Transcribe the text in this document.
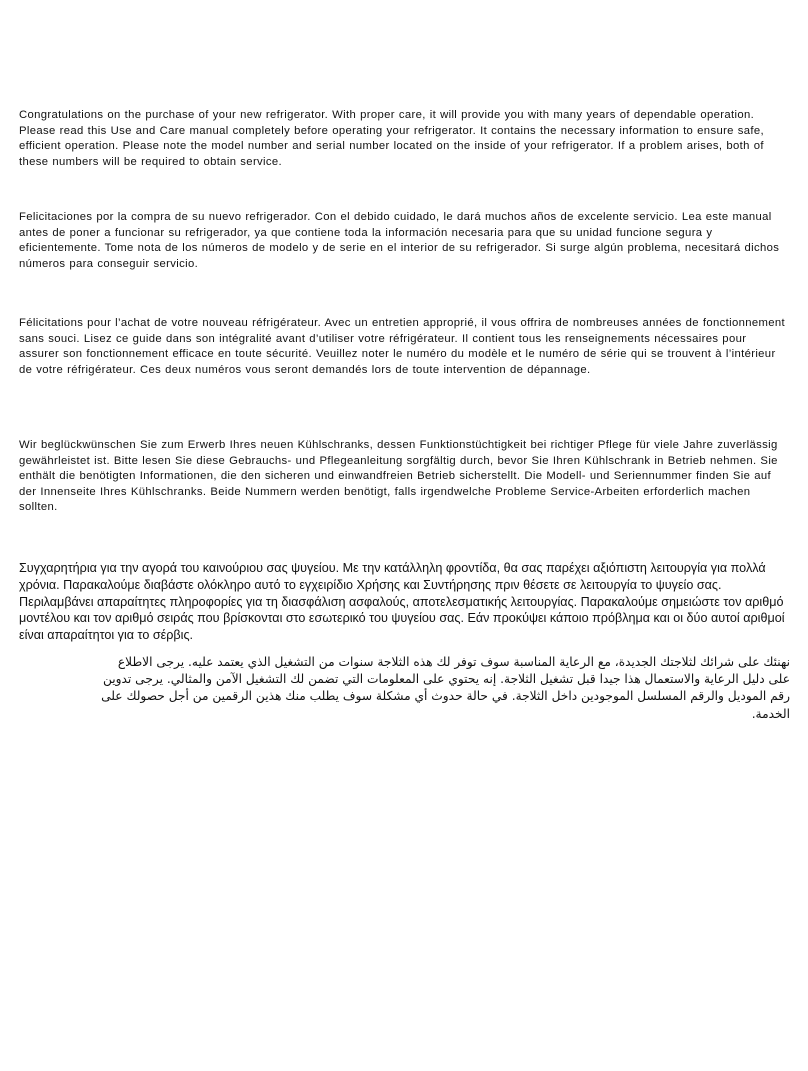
Congratulations on the purchase of your new refrigerator. With proper care, it will provide you with many years of dependable operation. Please read this Use and Care manual completely before operating your refrigerator. It contains the necessary information to ensure safe, efficient operation. Please note the model number and serial number located on the inside of your refrigerator. If a problem arises, both of these numbers will be required to obtain service.

Felicitaciones por la compra de su nuevo refrigerador. Con el debido cuidado, le dará muchos años de excelente servicio. Lea este manual antes de poner a funcionar su refrigerador, ya que contiene toda la información necesaria para que su unidad funcione segura y eficientemente. Tome nota de los números de modelo y de serie en el interior de su refrigerador. Si surge algún problema, necesitará dichos números para conseguir servicio.

Félicitations pour l’achat de votre nouveau réfrigérateur. Avec un entretien approprié, il vous offrira de nombreuses années de fonctionnement sans souci. Lisez ce guide dans son intégralité avant d’utiliser votre réfrigérateur. Il contient tous les renseignements nécessaires pour assurer son fonctionnement efficace en toute sécurité. Veuillez noter le numéro du modèle et le numéro de série qui se trouvent à l’intérieur de votre réfrigérateur. Ces deux numéros vous seront demandés lors de toute intervention de dépannage.

Wir beglückwünschen Sie zum Erwerb Ihres neuen Kühlschranks, dessen Funktionstüchtigkeit bei richtiger Pflege für viele Jahre zuverlässig gewährleistet ist. Bitte lesen Sie diese Gebrauchs- und Pflegeanleitung sorgfältig durch, bevor Sie Ihren Kühlschrank in Betrieb nehmen. Sie enthält die benötigten Informationen, die den sicheren und einwandfreien Betrieb sicherstellt. Die Modell- und Seriennummer finden Sie auf der Innenseite Ihres Kühlschranks. Beide Nummern werden benötigt, falls irgendwelche Probleme Service-Arbeiten erforderlich machen sollten.

Συγχαρητήρια για την αγορά του καινούριου σας ψυγείου. Με την κατάλληλη φροντίδα, θα σας παρέχει αξιόπιστη λειτουργία για πολλά χρόνια. Παρακαλούμε διαβάστε ολόκληρο αυτό το εγχειρίδιο Χρήσης και Συντήρησης πριν θέσετε σε λειτουργία το ψυγείο σας. Περιλαμβάνει απαραίτητες πληροφορίες για τη διασφάλιση ασφαλούς, αποτελεσματικής λειτουργίας. Παρακαλούμε σημειώστε τον αριθμό μοντέλου και τον αριθμό σειράς που βρίσκονται στο εσωτερικό του ψυγείου σας. Εάν προκύψει κάποιο πρόβλημα και οι δύο αυτοί αριθμοί είναι απαραίτητοι για το σέρβις.

نهنئك على شرائك لثلاجتك الجديدة، مع الرعاية المناسبة سوف توفر لك هذه الثلاجة سنوات من التشغيل الذي يعتمد عليه. يرجى الاطلاع على دليل الرعاية والاستعمال هذا جيدا قبل تشغيل الثلاجة. إنه يحتوي على المعلومات التي تضمن لك التشغيل الآمن والمثالي. يرجى تدوين رقم الموديل والرقم المسلسل الموجودين داخل الثلاجة. في حالة حدوث أي مشكلة سوف يطلب منك هذين الرقمين من أجل حصولك على الخدمة.
